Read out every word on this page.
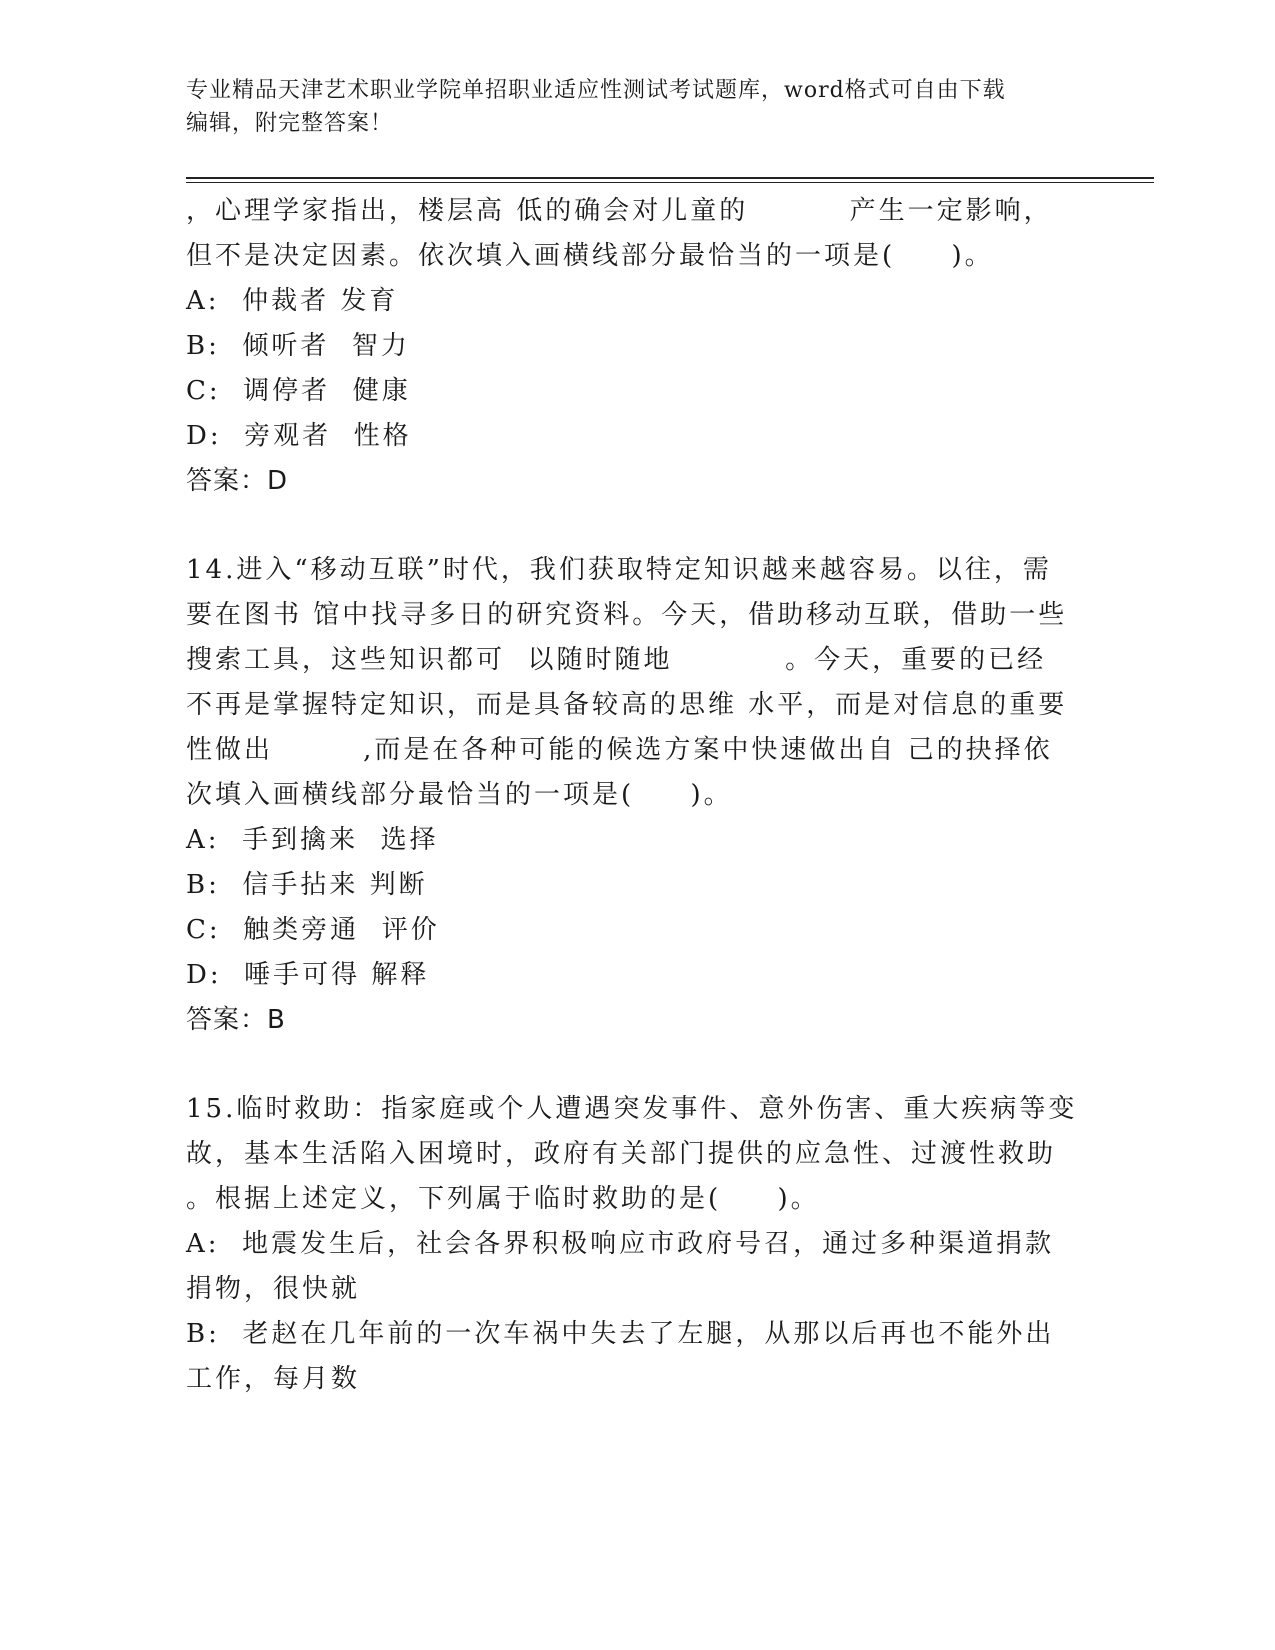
专业精品天津艺术职业学院单招职业适应性测试考试题库，word格式可自由下载
编辑，附完整答案！
，心理学家指出，楼层高 低的确会对儿童的         产生一定影响，
但不是决定因素。依次填入画横线部分最恰当的一项是(     )。
A:  仲裁者 发育
B:  倾听者  智力
C:  调停者  健康
D:  旁观者  性格
答案：D
14.进入“移动互联”时代，我们获取特定知识越来越容易。以往，需
要在图书 馆中找寻多日的研究资料。今天，借助移动互联，借助一些
搜索工具，这些知识都可  以随时随地          。今天，重要的已经
不再是掌握特定知识，而是具备较高的思维 水平，而是对信息的重要
性做出        ,而是在各种可能的候选方案中快速做出自 己的抉择依
次填入画横线部分最恰当的一项是(     )。
A:  手到擒来  选择
B:  信手拈来 判断
C:  触类旁通  评价
D:  唾手可得 解释
答案：B
15.临时救助：指家庭或个人遭遇突发事件、意外伤害、重大疾病等变
故，基本生活陷入困境时，政府有关部门提供的应急性、过渡性救助
。根据上述定义，下列属于临时救助的是(     )。
A:  地震发生后，社会各界积极响应市政府号召，通过多种渠道捐款
捐物，很快就
B:  老赵在几年前的一次车祸中失去了左腿，从那以后再也不能外出
工作，每月数
